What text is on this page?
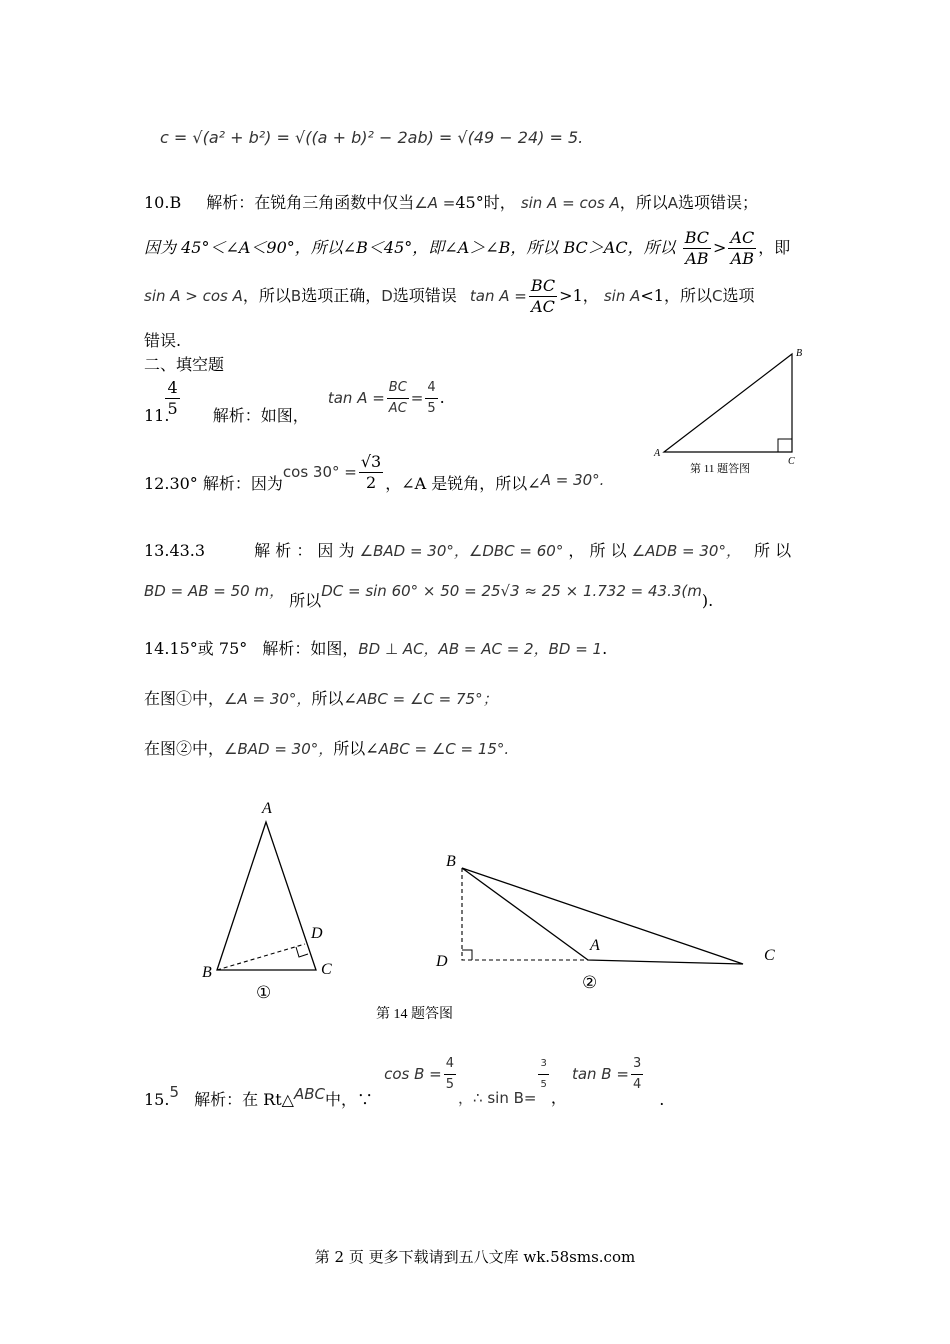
c = √(a² + b²) = √((a + b)² − 2ab) = √(49 − 24) = 5.
10.B 解析：在锐角三角函数中仅当∠A =45°时， sin A = cos A，所以A选项错误；
因为 45°＜∠A＜90°，所以∠B＜45°，即∠A＞∠B，所以 BC＞AC，所以 $\frac{BC}{AB} > \frac{AC}{AB}$ ，即
sin A > cos A，所以B选项正确，D选项错误 $\tan A = \frac{BC}{AC} >1$， sin A<1，所以C选项
错误.
二、填空题
11.
$\frac{4}{5}$ 解析：如图， $\tan A = \frac{BC}{AC} = \frac{4}{5}$ .
A
B
C
第 11 题答图
12.30° 解析：因为$\cos 30^\circ = \frac{√3}{2}$ ，∠A 是锐角，所以∠A = 30°.
13.43.3	解 析 ： 因 为 ∠BAD = 30°，∠DBC = 60° ， 所 以 ∠ADB = 30°， 所 以
BD = AB = 50 m， 所以DC = sin 60° × 50 = 25√3 ≈ 25 × 1.732 = 43.3(m).
14.15°或 75° 解析：如图，BD ⊥ AC，AB = AC = 2，BD = 1.
在图①中，∠A = 30°，所以∠ABC = ∠C = 75°；
在图②中，∠BAD = 30°，所以∠ABC = ∠C = 15°.
A
B	C
D
①
B
D
A
C
②
第 14 题答图
15.5 解析：在 Rt△ABC中，∵ $\cos B = \frac{4}{5}$
，∴ sin B=
$\frac{3}{5}$
， $\tan B = \frac{3}{4}$
.
第 2 页 更多下载请到五八文库 wk.58sms.com
